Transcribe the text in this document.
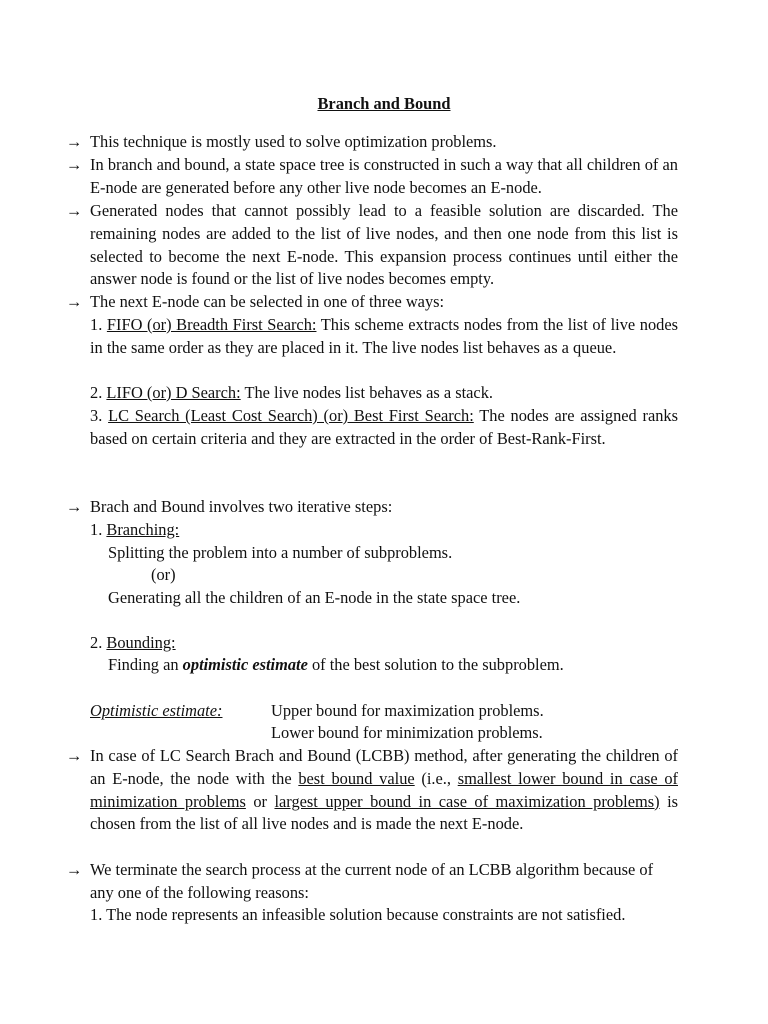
Branch and Bound
→ This technique is mostly used to solve optimization problems.
→ In branch and bound, a state space tree is constructed in such a way that all children of an E-node are generated before any other live node becomes an E-node.
→ Generated nodes that cannot possibly lead to a feasible solution are discarded. The remaining nodes are added to the list of live nodes, and then one node from this list is selected to become the next E-node. This expansion process continues until either the answer node is found or the list of live nodes becomes empty.
→ The next E-node can be selected in one of three ways:
1. FIFO (or) Breadth First Search: This scheme extracts nodes from the list of live nodes in the same order as they are placed in it. The live nodes list behaves as a queue.
2. LIFO (or) D Search: The live nodes list behaves as a stack.
3. LC Search (Least Cost Search) (or) Best First Search: The nodes are assigned ranks based on certain criteria and they are extracted in the order of Best-Rank-First.
→ Brach and Bound involves two iterative steps:
1. Branching:
Splitting the problem into a number of subproblems.
(or)
Generating all the children of an E-node in the state space tree.
2. Bounding:
Finding an optimistic estimate of the best solution to the subproblem.
Optimistic estimate:	Upper bound for maximization problems.
Lower bound for minimization problems.
→ In case of LC Search Brach and Bound (LCBB) method, after generating the children of an E-node, the node with the best bound value (i.e., smallest lower bound in case of minimization problems or largest upper bound in case of maximization problems) is chosen from the list of all live nodes and is made the next E-node.
→ We terminate the search process at the current node of an LCBB algorithm because of any one of the following reasons:
1. The node represents an infeasible solution because constraints are not satisfied.
